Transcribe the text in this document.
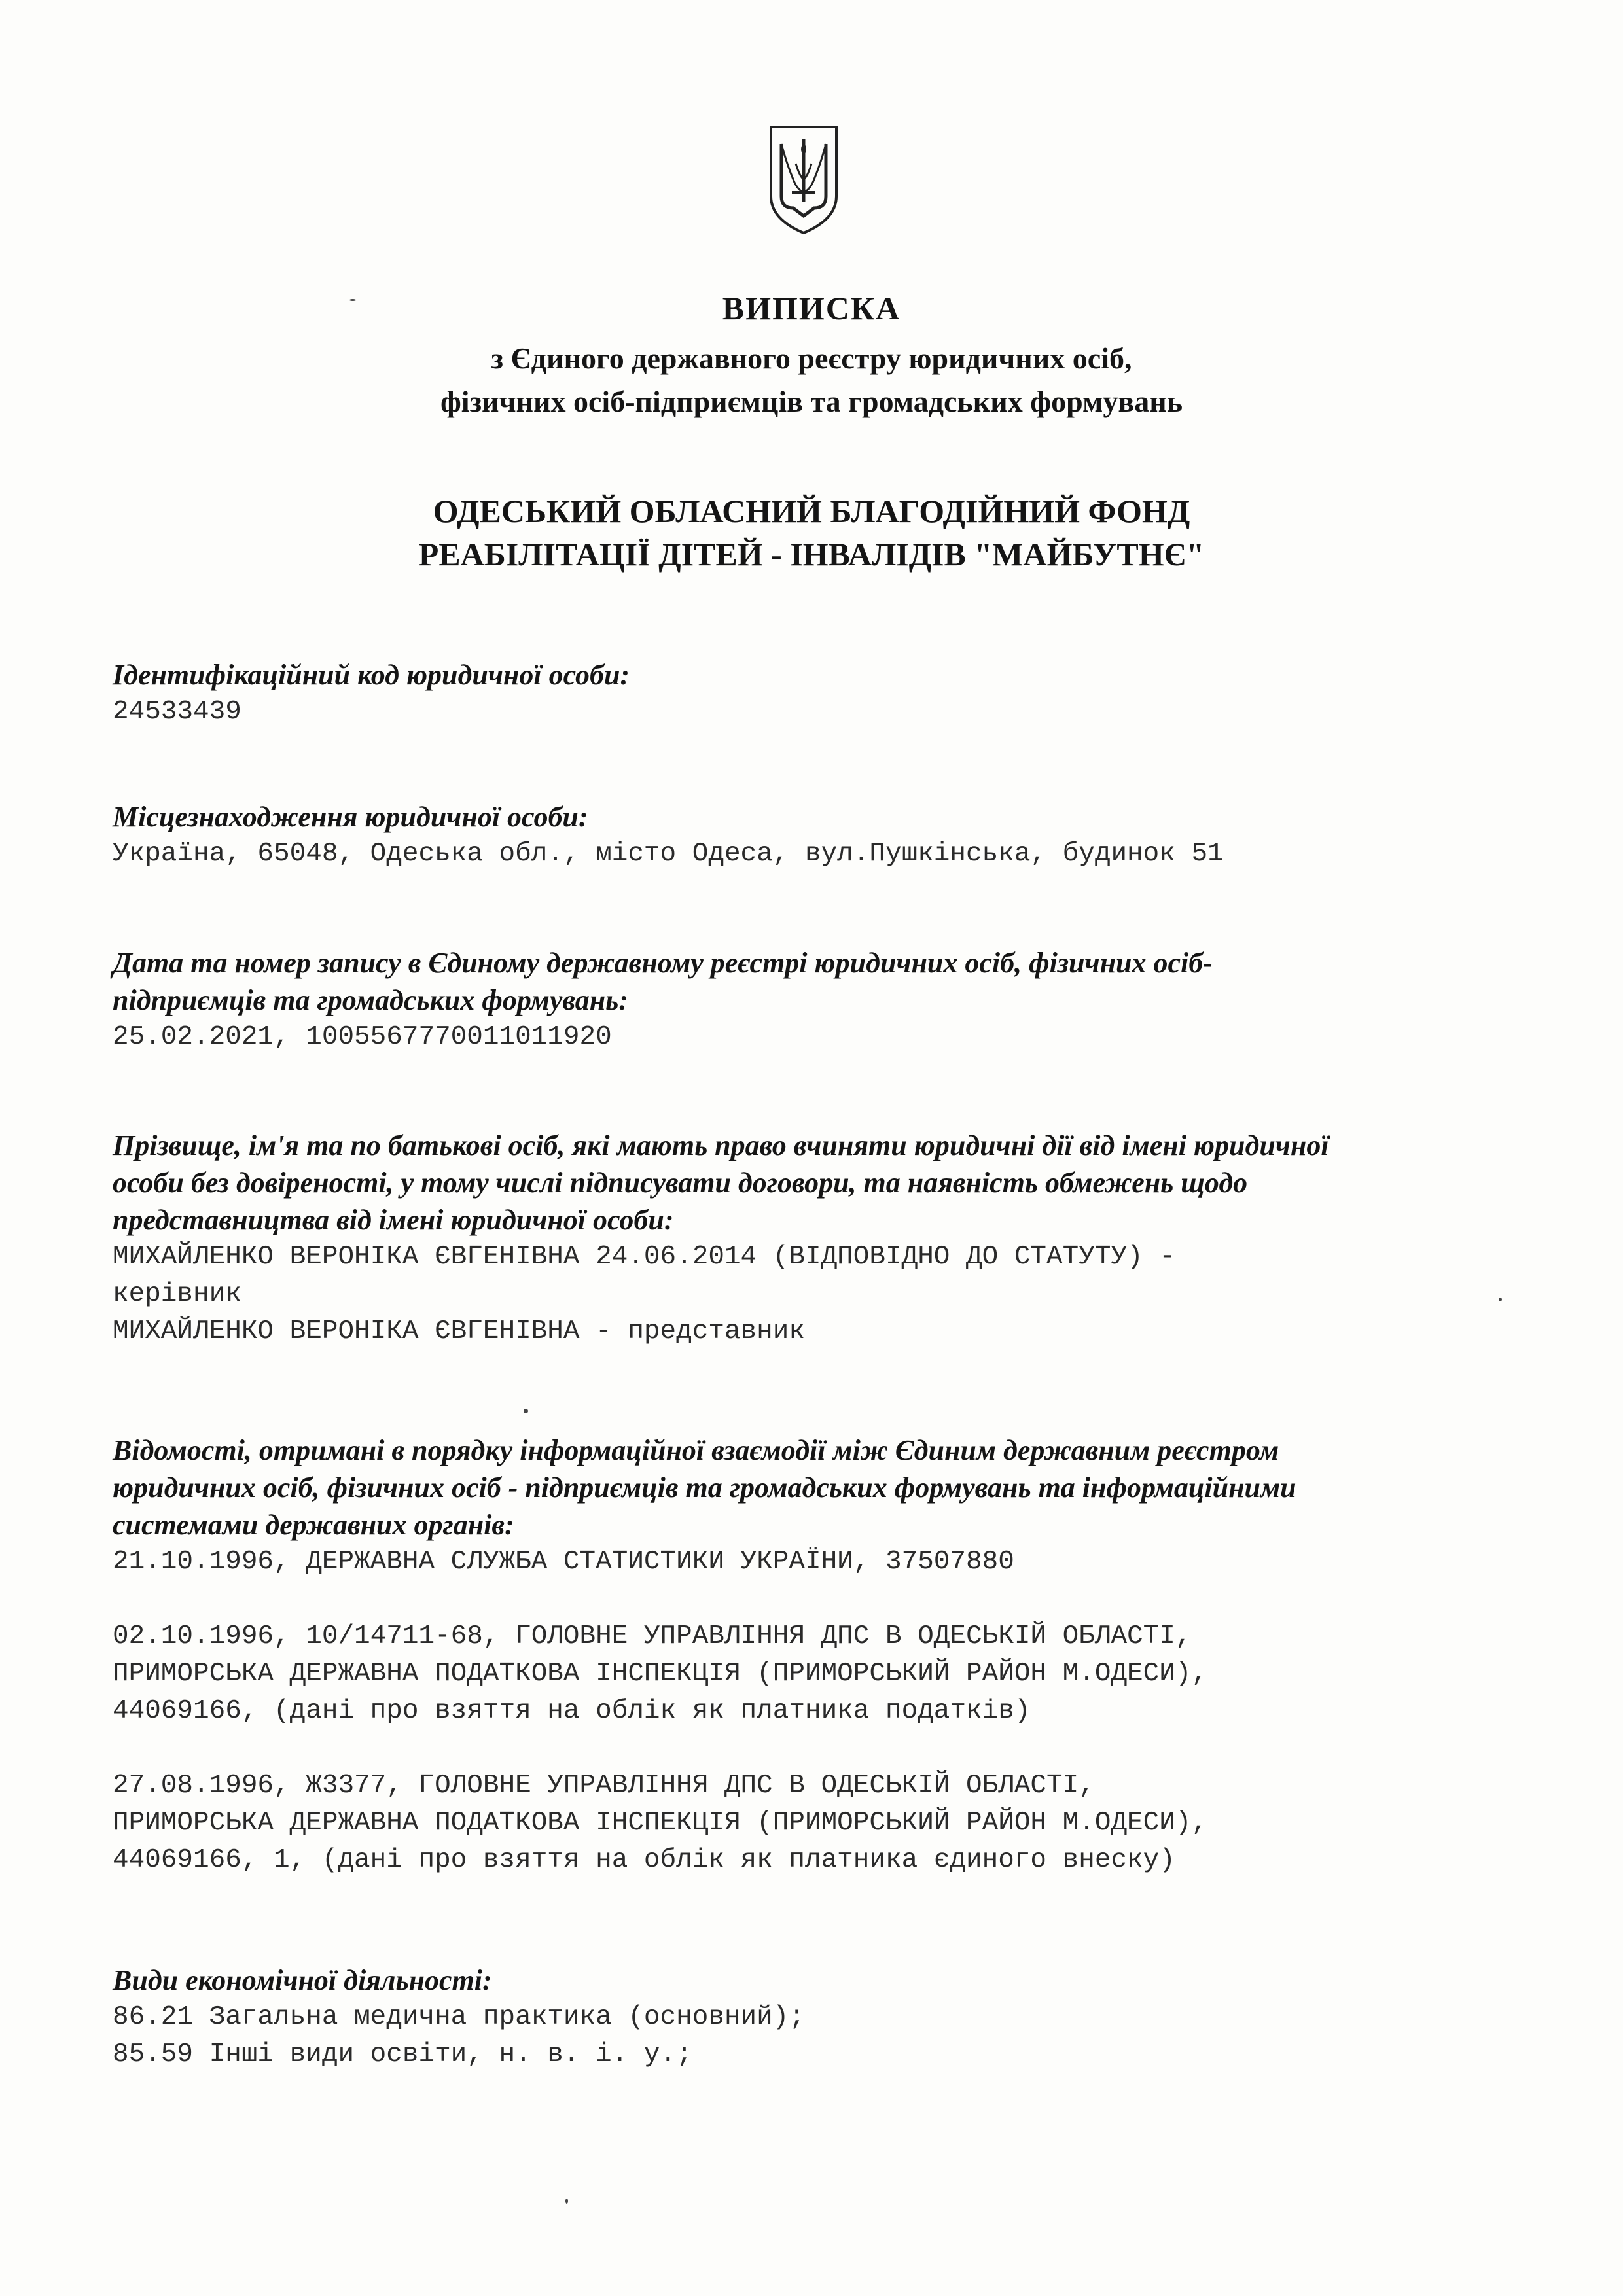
ВИПИСКА
з Єдиного державного реєстру юридичних осіб,
фізичних осіб-підприємців та громадських формувань
ОДЕСЬКИЙ ОБЛАСНИЙ БЛАГОДІЙНИЙ ФОНД
РЕАБІЛІТАЦІЇ ДІТЕЙ - ІНВАЛІДІВ "МАЙБУТНЄ"

Ідентифікаційний код юридичної особи:

24533439

Місцезнаходження юридичної особи:

Україна, 65048, Одеська обл., місто Одеса, вул.Пушкінська, будинок 51

Дата та номер запису в Єдиному державному реєстрі юридичних осіб, фізичних осіб-

підприємців та громадських формувань:

25.02.2021, 1005567770011011920

Прізвище, ім'я та по батькові осіб, які мають право вчиняти юридичні дії від імені юридичної

особи без довіреності, у тому числі підписувати договори, та наявність обмежень щодо

представництва від імені юридичної особи:

МИХАЙЛЕНКО ВЕРОНІКА ЄВГЕНІВНА 24.06.2014 (ВІДПОВІДНО ДО СТАТУТУ) -

керівник

МИХАЙЛЕНКО ВЕРОНІКА ЄВГЕНІВНА - представник

Відомості, отримані в порядку інформаційної взаємодії між Єдиним державним реєстром

юридичних осіб, фізичних осіб - підприємців та громадських формувань та інформаційними

системами державних органів:

21.10.1996, ДЕРЖАВНА СЛУЖБА СТАТИСТИКИ УКРАЇНИ, 37507880

02.10.1996, 10/14711-68, ГОЛОВНЕ УПРАВЛІННЯ ДПС В ОДЕСЬКІЙ ОБЛАСТІ,

ПРИМОРСЬКА ДЕРЖАВНА ПОДАТКОВА ІНСПЕКЦІЯ (ПРИМОРСЬКИЙ РАЙОН М.ОДЕСИ),

44069166, (дані про взяття на облік як платника податків)

27.08.1996, Ж3377, ГОЛОВНЕ УПРАВЛІННЯ ДПС В ОДЕСЬКІЙ ОБЛАСТІ,

ПРИМОРСЬКА ДЕРЖАВНА ПОДАТКОВА ІНСПЕКЦІЯ (ПРИМОРСЬКИЙ РАЙОН М.ОДЕСИ),

44069166, 1, (дані про взяття на облік як платника єдиного внеску)

Види економічної діяльності:

86.21 Загальна медична практика (основний);

85.59 Інші види освіти, н. в. і. у.;
